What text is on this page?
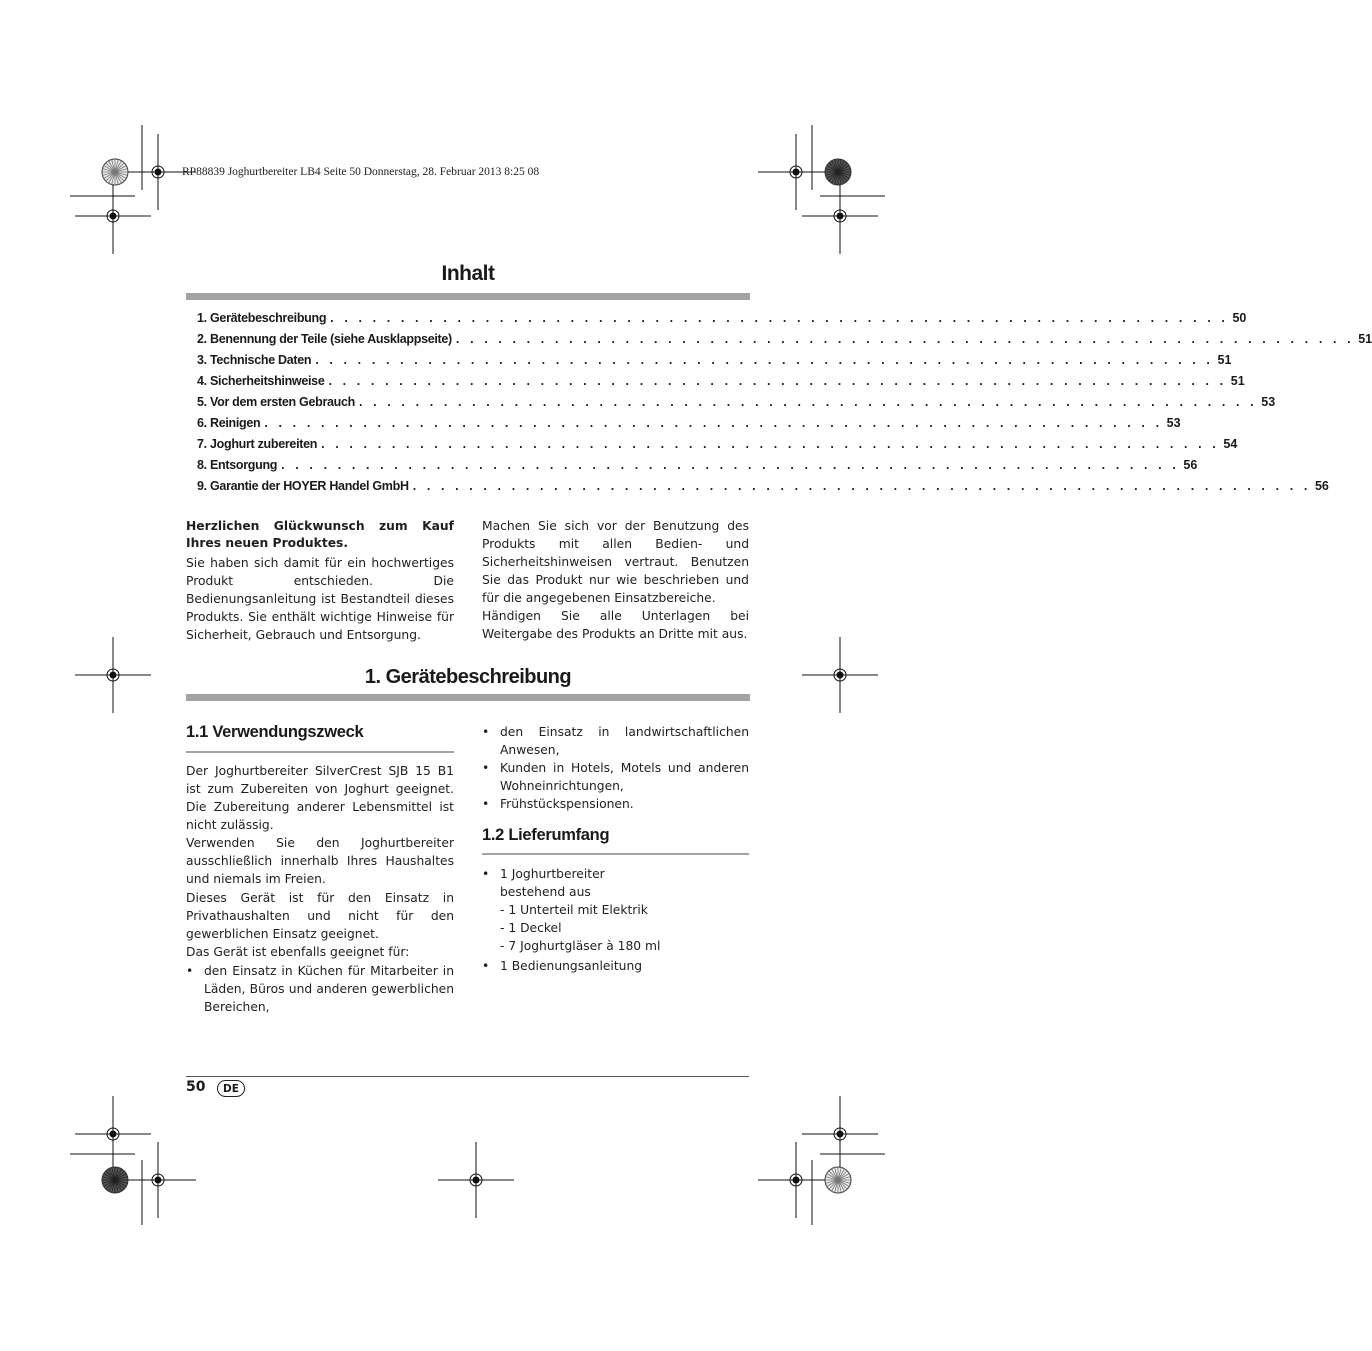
RP88839 Joghurtbereiter LB4 Seite 50 Donnerstag, 28. Februar 2013 8:25 08
Inhalt
1. Gerätebeschreibung . . . . . . . . . . . . . . . . . . . . . . . . . . . . . . . . . . . . . . . . . . . . . . . . . . . . . . . . . . . . . . . . 50
2. Benennung der Teile (siehe Ausklappseite) . . . . . . . . . . . . . . . . . . . . . . . . . . . . . . . . . . . . . . . . . . . . . . . . . . . . . . . . . . . . . . . . 51
3. Technische Daten . . . . . . . . . . . . . . . . . . . . . . . . . . . . . . . . . . . . . . . . . . . . . . . . . . . . . . . . . . . . . . . . 51
4. Sicherheitshinweise . . . . . . . . . . . . . . . . . . . . . . . . . . . . . . . . . . . . . . . . . . . . . . . . . . . . . . . . . . . . . . . . 51
5. Vor dem ersten Gebrauch . . . . . . . . . . . . . . . . . . . . . . . . . . . . . . . . . . . . . . . . . . . . . . . . . . . . . . . . . . . . . . . . 53
6. Reinigen . . . . . . . . . . . . . . . . . . . . . . . . . . . . . . . . . . . . . . . . . . . . . . . . . . . . . . . . . . . . . . . . 53
7. Joghurt zubereiten . . . . . . . . . . . . . . . . . . . . . . . . . . . . . . . . . . . . . . . . . . . . . . . . . . . . . . . . . . . . . . . . 54
8. Entsorgung . . . . . . . . . . . . . . . . . . . . . . . . . . . . . . . . . . . . . . . . . . . . . . . . . . . . . . . . . . . . . . . . 56
9. Garantie der HOYER Handel GmbH . . . . . . . . . . . . . . . . . . . . . . . . . . . . . . . . . . . . . . . . . . . . . . . . . . . . . . . . . . . . . . . . 56
Herzlichen Glückwunsch zum Kauf Ihres neuen Produktes.
Sie haben sich damit für ein hochwertiges Produkt entschieden. Die Bedienungsanleitung ist Bestandteil dieses Produkts. Sie enthält wichtige Hinweise für Sicherheit, Gebrauch und Entsorgung.
Machen Sie sich vor der Benutzung des Produkts mit allen Bedien- und Sicherheitshinweisen vertraut. Benutzen Sie das Produkt nur wie beschrieben und für die angegebenen Einsatzbereiche.
Händigen Sie alle Unterlagen bei Weitergabe des Produkts an Dritte mit aus.
1. Gerätebeschreibung
1.1 Verwendungszweck
Der Joghurtbereiter SilverCrest SJB 15 B1 ist zum Zubereiten von Joghurt geeignet. Die Zubereitung anderer Lebensmittel ist nicht zulässig.
Verwenden Sie den Joghurtbereiter ausschließlich innerhalb Ihres Haushaltes und niemals im Freien.
Dieses Gerät ist für den Einsatz in Privathaushalten und nicht für den gewerblichen Einsatz geeignet.
Das Gerät ist ebenfalls geeignet für:
• den Einsatz in Küchen für Mitarbeiter in Läden, Büros und anderen gewerblichen Bereichen,
• den Einsatz in landwirtschaftlichen Anwesen,
• Kunden in Hotels, Motels und anderen Wohneinrichtungen,
• Frühstückspensionen.
1.2 Lieferumfang
• 1 Joghurtbereiter
bestehend aus
- 1 Unterteil mit Elektrik
- 1 Deckel
- 7 Joghurtgläser à 180 ml
• 1 Bedienungsanleitung
50	DE
